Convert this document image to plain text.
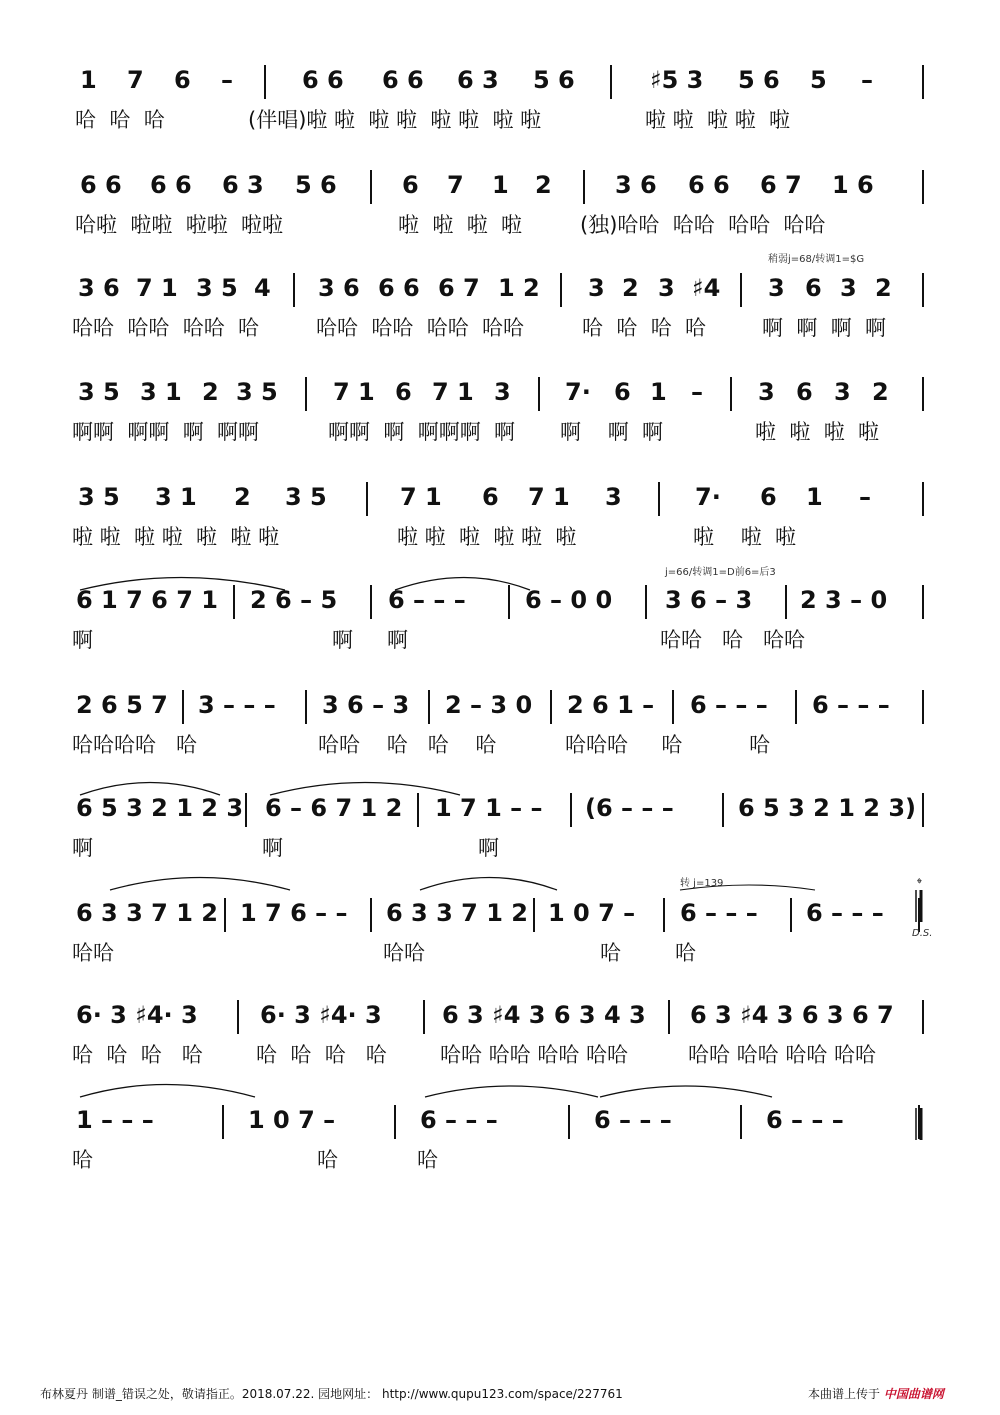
1 7 6 –	6 6 6 6 6 3 5 6	♯5 3 5 6 5 –
哈  哈  哈	(伴唱)啦 啦  啦 啦  啦 啦  啦 啦	啦 啦  啦 啦  啦
6 6 6 6 6 3 5 6	6 7 1 2	3 6 6 6 6 7 1 6
哈啦  啦啦  啦啦  啦啦	啦  啦  啦  啦	(独)哈哈  哈哈  哈哈  哈哈
3 6 7 1 3 5 4 3 6 6 6 6 7 1 2 3 2 3 ♯4 3 6 3 2
哈哈  哈哈  哈哈  哈	哈哈  哈哈  哈哈  哈哈	哈  哈  哈  哈	啊  啊  啊  啊
3 5 3 1 2 3 5 7 1 6 7 1 3 7· 6 1 – 3 6 3 2
啊啊  啊啊  啊  啊啊	啊啊  啊  啊啊啊  啊 啊    啊  啊	啦  啦  啦  啦
3 5 3 1 2 3 5	7 1 6 7 1 3	7· 6 1 –
啦 啦  啦 啦  啦  啦 啦	啦 啦  啦  啦 啦  啦	啦    啦  啦
6 1 7 6 7 1 2 6 – 5 6 – – – 6 – 0 0 3 6 – 3 2 3 – 0
啊	啊 啊	哈哈   哈   哈哈
2 6 5 7 3 – – – 3 6 – 3 2 – 3 0 2 6 1 – 6 – – – 6 – – –
哈哈哈哈   哈	哈哈    哈   哈    哈	哈哈哈     哈          哈
6 5 3 2 1 2 3 6 – 6 7 1 2 1 7 1 – – (6 – – –	6 5 3 2 1 2 3)
啊	啊	啊
6 3 3 7 1 2 1 7 6 – – 6 3 3 7 1 2 1 0 7 – 6 – – – 6 – – –
哈哈	哈哈	哈	哈
6· 3 ♯4· 3	6· 3 ♯4· 3	6 3 ♯4 3 6 3 4 3 6 3 ♯4 3 6 3 6 7
哈  哈  哈   哈	哈  哈  哈   哈	哈哈 哈哈 哈哈 哈哈	哈哈 哈哈 哈哈 哈哈
1 – – –	1 0 7 –	6 – – –	6 – – –	6 – – –
哈	哈	哈
稍弱j=68/转调1=$G
j=66/转调1=D前6=后3
转 j=139
D.S.
𝄌
布林夏丹 制谱_错误之处，敬请指正。2018.07.22. 园地网址： http://www.qupu123.com/space/227761	本曲谱上传于 中国曲谱网
